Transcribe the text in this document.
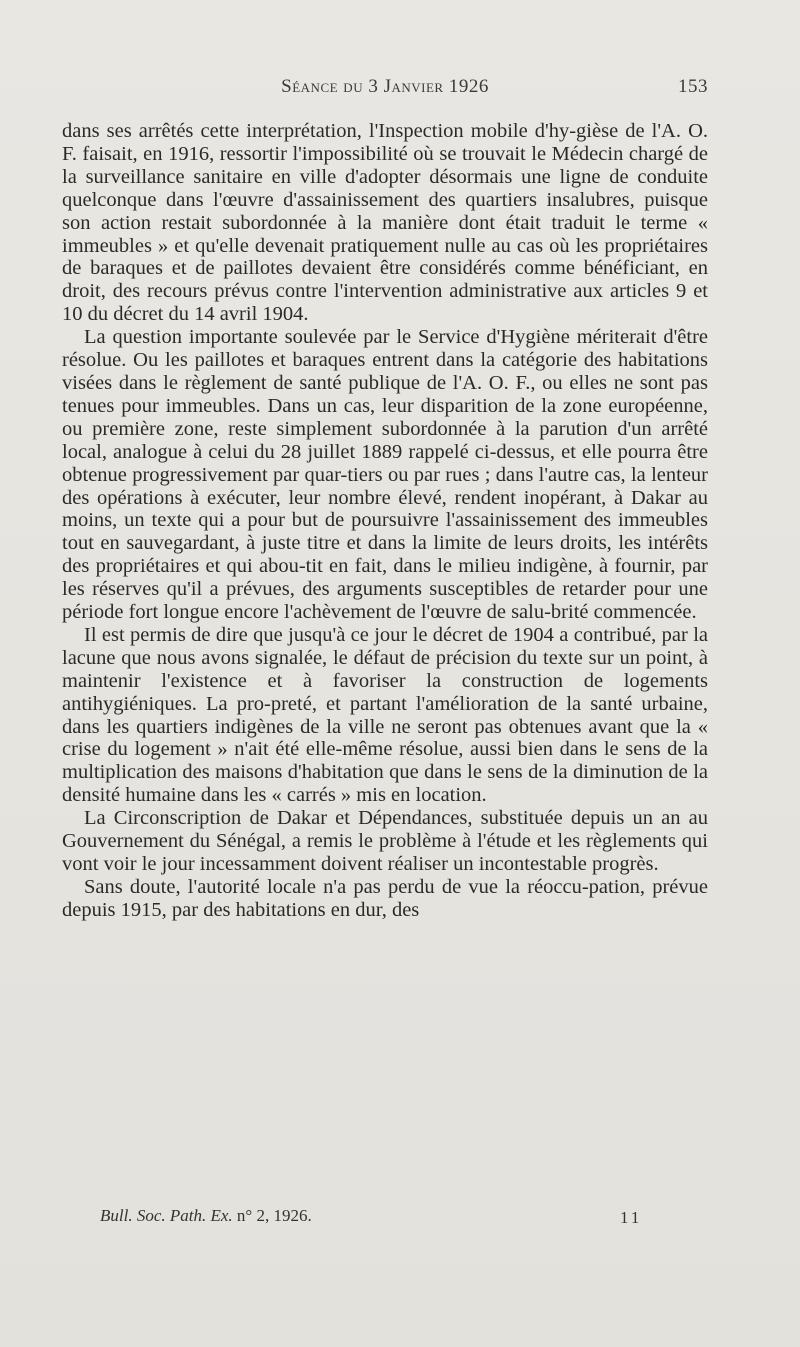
Séance du 3 Janvier 1926	153

dans ses arrêtés cette interprétation, l'Inspection mobile d'hy-gièse de l'A. O. F. faisait, en 1916, ressortir l'impossibilité où se trouvait le Médecin chargé de la surveillance sanitaire en ville d'adopter désormais une ligne de conduite quelconque dans l'œuvre d'assainissement des quartiers insalubres, puisque son action restait subordonnée à la manière dont était traduit le terme « immeubles » et qu'elle devenait pratiquement nulle au cas où les propriétaires de baraques et de paillotes devaient être considérés comme bénéficiant, en droit, des recours prévus contre l'intervention administrative aux articles 9 et 10 du décret du 14 avril 1904.

La question importante soulevée par le Service d'Hygiène mériterait d'être résolue. Ou les paillotes et baraques entrent dans la catégorie des habitations visées dans le règlement de santé publique de l'A. O. F., ou elles ne sont pas tenues pour immeubles. Dans un cas, leur disparition de la zone européenne, ou première zone, reste simplement subordonnée à la parution d'un arrêté local, analogue à celui du 28 juillet 1889 rappelé ci-dessus, et elle pourra être obtenue progressivement par quar-tiers ou par rues ; dans l'autre cas, la lenteur des opérations à exécuter, leur nombre élevé, rendent inopérant, à Dakar au moins, un texte qui a pour but de poursuivre l'assainissement des immeubles tout en sauvegardant, à juste titre et dans la limite de leurs droits, les intérêts des propriétaires et qui abou-tit en fait, dans le milieu indigène, à fournir, par les réserves qu'il a prévues, des arguments susceptibles de retarder pour une période fort longue encore l'achèvement de l'œuvre de salu-brité commencée.

Il est permis de dire que jusqu'à ce jour le décret de 1904 a contribué, par la lacune que nous avons signalée, le défaut de précision du texte sur un point, à maintenir l'existence et à favoriser la construction de logements antihygiéniques. La pro-preté, et partant l'amélioration de la santé urbaine, dans les quartiers indigènes de la ville ne seront pas obtenues avant que la « crise du logement » n'ait été elle-même résolue, aussi bien dans le sens de la multiplication des maisons d'habitation que dans le sens de la diminution de la densité humaine dans les « carrés » mis en location.

La Circonscription de Dakar et Dépendances, substituée depuis un an au Gouvernement du Sénégal, a remis le problème à l'étude et les règlements qui vont voir le jour incessamment doivent réaliser un incontestable progrès.

Sans doute, l'autorité locale n'a pas perdu de vue la réoccu-pation, prévue depuis 1915, par des habitations en dur, des

Bull. Soc. Path. Ex. n° 2, 1926.	11
